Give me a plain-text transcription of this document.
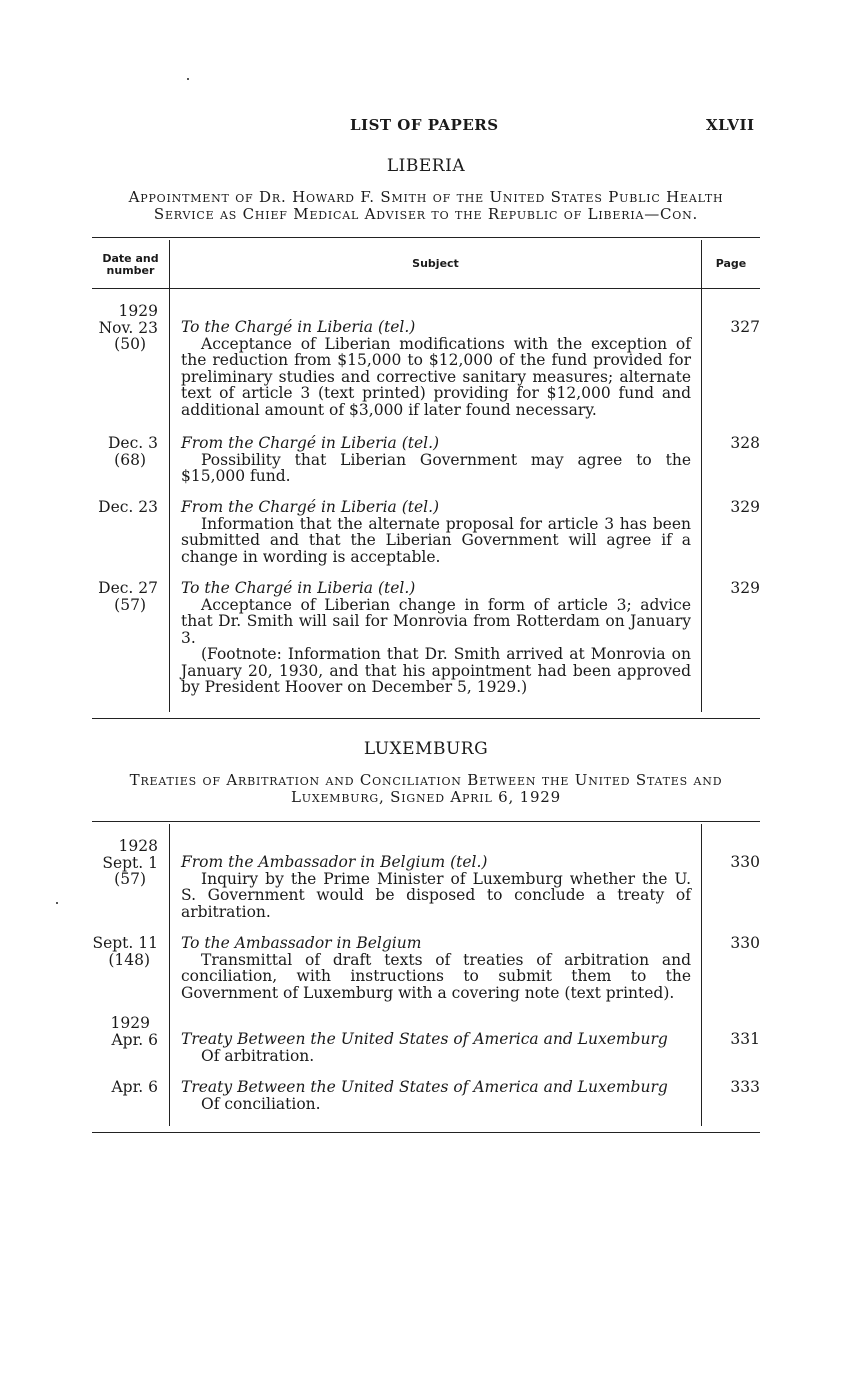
LIST OF PAPERS	XLVII
LIBERIA
Appointment of Dr. Howard F. Smith of the United States Public Health
Service as Chief Medical Adviser to the Republic of Liberia—Con.
Date and
number
Subject	Page
1929
Nov. 23
(50)
To the Chargé in Liberia (tel.)
Acceptance of Liberian modifications with the exception of the reduction from $15,000 to $12,000 of the fund provided for preliminary studies and corrective sanitary measures; alternate text of article 3 (text printed) providing for $12,000 fund and additional amount of $3,000 if later found necessary.
327
Dec. 3
(68)
From the Chargé in Liberia (tel.)
Possibility that Liberian Government may agree to the $15,000 fund.
328
Dec. 23 From the Chargé in Liberia (tel.)
Information that the alternate proposal for article 3 has been submitted and that the Liberian Government will agree if a change in wording is acceptable.
329
Dec. 27
(57)
To the Chargé in Liberia (tel.)
Acceptance of Liberian change in form of article 3; advice that Dr. Smith will sail for Monrovia from Rotterdam on January 3.
(Footnote: Information that Dr. Smith arrived at Monrovia on January 20, 1930, and that his appointment had been approved by President Hoover on December 5, 1929.)
329
LUXEMBURG
Treaties of Arbitration and Conciliation Between the United States and
Luxemburg, Signed April 6, 1929
1928
Sept. 1
(57)
From the Ambassador in Belgium (tel.)
Inquiry by the Prime Minister of Luxemburg whether the U. S. Government would be disposed to conclude a treaty of arbitration.
330
Sept. 11
(148)
To the Ambassador in Belgium
Transmittal of draft texts of treaties of arbitration and conciliation, with instructions to submit them to the Government of Luxemburg with a covering note (text printed).
330
1929
Apr. 6 Treaty Between the United States of America and Luxemburg
Of arbitration.
331
Apr. 6 Treaty Between the United States of America and Luxemburg
Of conciliation.
333
